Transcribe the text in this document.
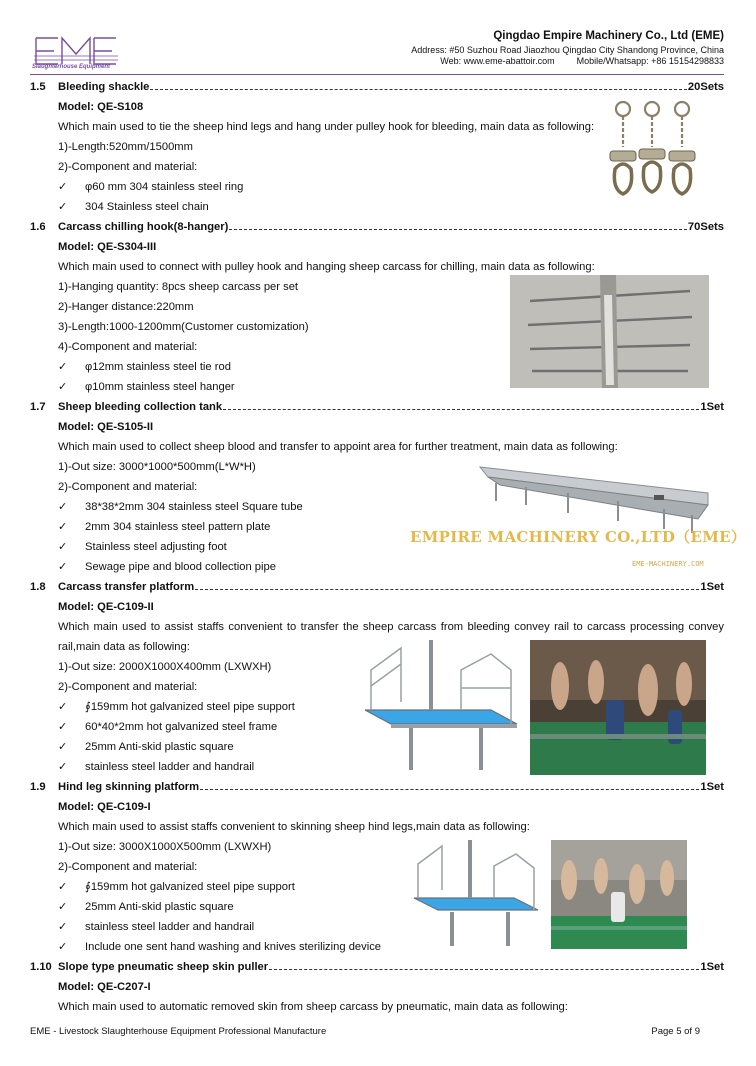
Slaughterhouse Equipment
Qingdao Empire Machinery Co., Ltd (EME)
Address: #50 Suzhou Road Jiaozhou Qingdao City Shandong Province, China
Web: www.eme-abattoir.com Mobile/Whatsapp: +86 15154298833
1.5	Bleeding shackle	20Sets
Model: QE-S108
Which main used to tie the sheep hind legs and hang under pulley hook for bleeding, main data as following:
1)-Length:520mm/1500mm
2)-Component and material:
✓	φ60 mm 304 stainless steel ring
✓	304 Stainless steel chain
1.6	Carcass chilling hook(8-hanger)	70Sets
Model: QE-S304-III
Which main used to connect with pulley hook and hanging sheep carcass for chilling, main data as following:
1)-Hanging quantity: 8pcs sheep carcass per set
2)-Hanger distance:220mm
3)-Length:1000-1200mm(Customer customization)
4)-Component and material:
✓	φ12mm stainless steel tie rod
✓	φ10mm stainless steel hanger
1.7	Sheep bleeding collection tank	1Set
Model: QE-S105-II
Which main used to collect sheep blood and transfer to appoint area for further treatment, main data as following:
1)-Out size: 3000*1000*500mm(L*W*H)
2)-Component and material:
✓	38*38*2mm 304 stainless steel Square tube
✓	2mm 304 stainless steel pattern plate
✓	Stainless steel adjusting foot
✓	Sewage pipe and blood collection pipe
1.8	Carcass transfer platform	1Set
Model: QE-C109-II
Which main used to assist staffs convenient to transfer the sheep carcass from bleeding convey rail to carcass processing convey rail,main data as following:
1)-Out size: 2000X1000X400mm (LXWXH)
2)-Component and material:
✓	∮159mm hot galvanized steel pipe support
✓	60*40*2mm hot galvanized steel frame
✓	25mm Anti-skid plastic square
✓	stainless steel ladder and handrail
1.9	Hind leg skinning platform	1Set
Model: QE-C109-I
Which main used to assist staffs convenient to skinning sheep hind legs,main data as following:
1)-Out size: 3000X1000X500mm (LXWXH)
2)-Component and material:
✓	∮159mm hot galvanized steel pipe support
✓	25mm Anti-skid plastic square
✓	stainless steel ladder and handrail
✓	Include one sent hand washing and knives sterilizing device
1.10 Slope type pneumatic sheep skin puller	1Set
Model: QE-C207-I
Which main used to automatic removed skin from sheep carcass by pneumatic, main data as following:
EMPIRE MACHINERY CO.,LTD（EME）
EME-MACHINERY.COM
EME - Livestock Slaughterhouse Equipment Professional Manufacture	Page 5 of 9
